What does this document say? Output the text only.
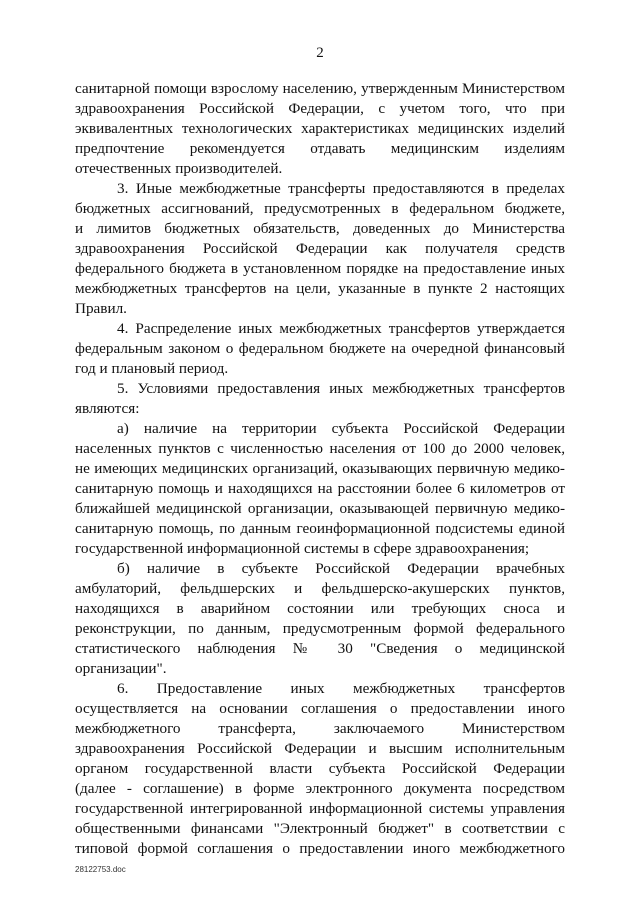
2
санитарной помощи взрослому населению, утвержденным Министерством
здравоохранения Российской Федерации, с учетом того, что при
эквивалентных технологических характеристиках медицинских изделий
предпочтение рекомендуется отдавать медицинским изделиям
отечественных производителей.
3. Иные межбюджетные трансферты предоставляются в пределах
бюджетных ассигнований, предусмотренных в федеральном бюджете,
и лимитов бюджетных обязательств, доведенных до Министерства
здравоохранения Российской Федерации как получателя средств
федерального бюджета в установленном порядке на предоставление иных
межбюджетных трансфертов на цели, указанные в пункте 2 настоящих
Правил.
4. Распределение иных межбюджетных трансфертов утверждается
федеральным законом о федеральном бюджете на очередной финансовый
год и плановый период.
5. Условиями предоставления иных межбюджетных трансфертов
являются:
а) наличие на территории субъекта Российской Федерации
населенных пунктов с численностью населения от 100 до 2000 человек,
не имеющих медицинских организаций, оказывающих первичную медико-
санитарную помощь и находящихся на расстоянии более 6 километров от
ближайшей медицинской организации, оказывающей первичную медико-
санитарную помощь, по данным геоинформационной подсистемы единой
государственной информационной системы в сфере здравоохранения;
б) наличие в субъекте Российской Федерации врачебных
амбулаторий, фельдшерских и фельдшерско-акушерских пунктов,
находящихся в аварийном состоянии или требующих сноса и
реконструкции, по данным, предусмотренным формой федерального
статистического наблюдения № 30 "Сведения о медицинской
организации".
6. Предоставление иных межбюджетных трансфертов
осуществляется на основании соглашения о предоставлении иного
межбюджетного трансферта, заключаемого Министерством
здравоохранения Российской Федерации и высшим исполнительным
органом государственной власти субъекта Российской Федерации
(далее - соглашение) в форме электронного документа посредством
государственной интегрированной информационной системы управления
общественными финансами "Электронный бюджет" в соответствии с
типовой формой соглашения о предоставлении иного межбюджетного
28122753.doc
